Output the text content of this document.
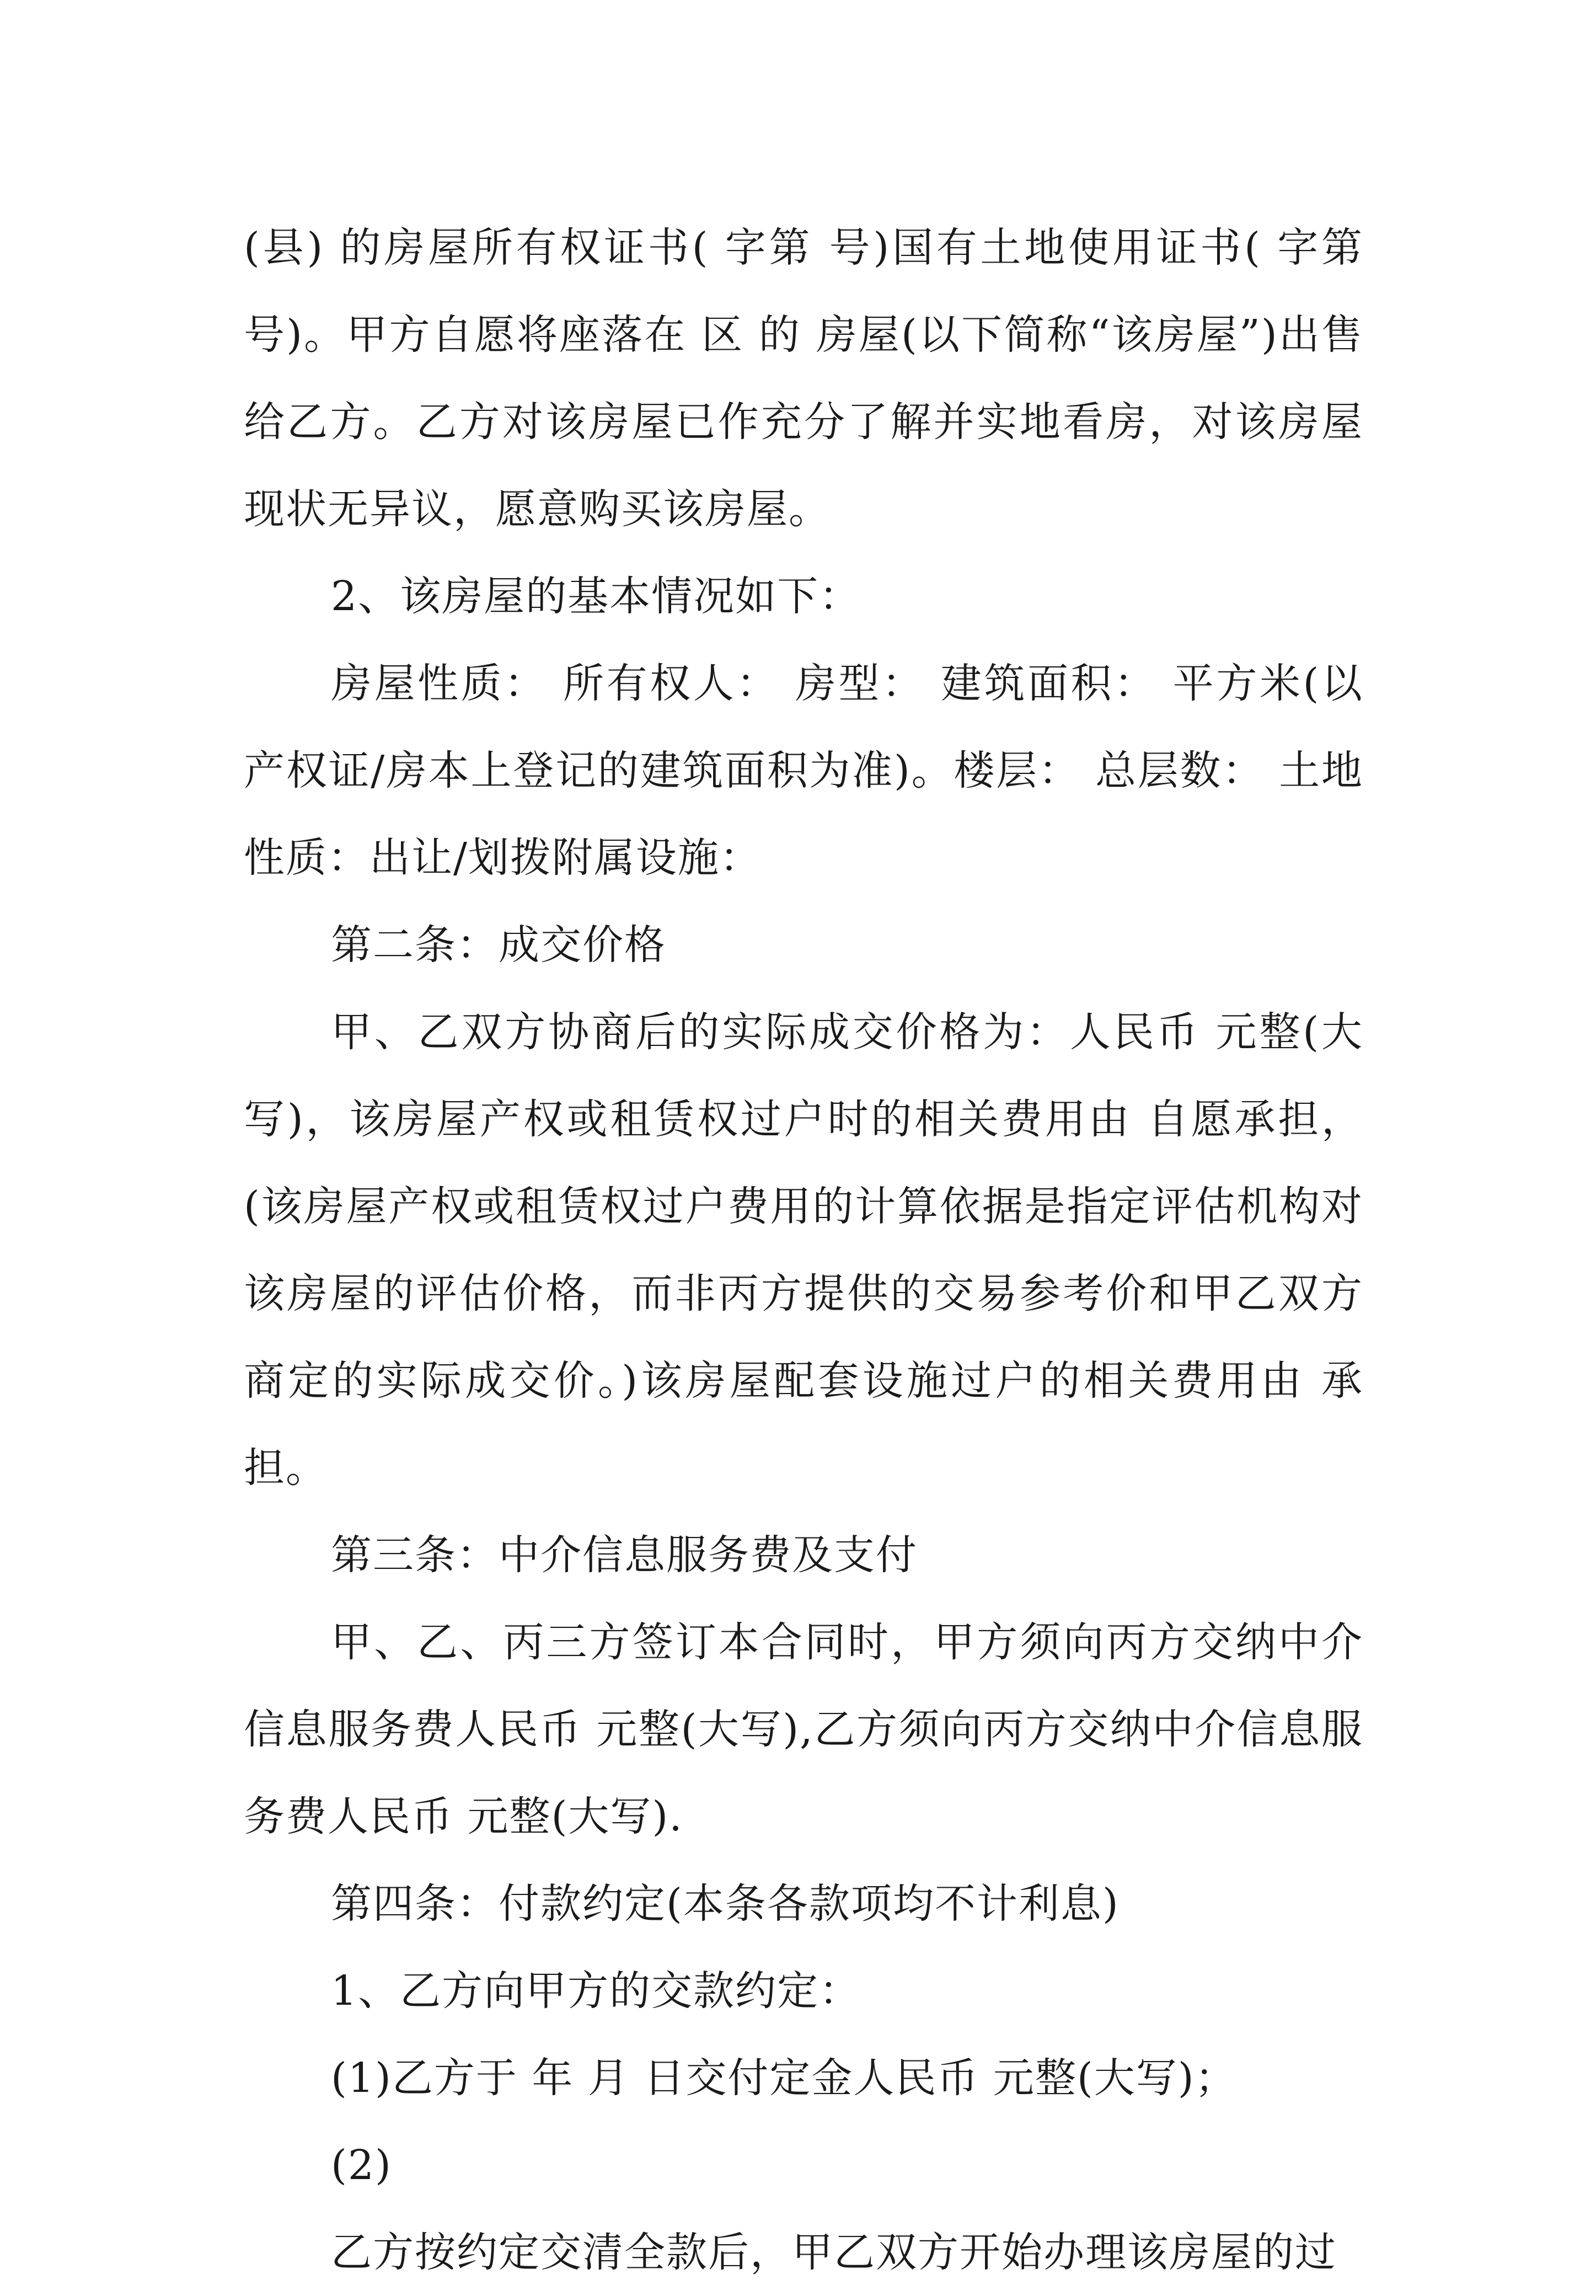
(县) 的房屋所有权证书( 字第 号)国有土地使用证书( 字第 号)。甲方自愿将座落在 区 的 房屋(以下简称“该房屋”)出售给乙方。乙方对该房屋已作充分了解并实地看房，对该房屋现状无异议，愿意购买该房屋。

2、该房屋的基本情况如下：

房屋性质： 所有权人： 房型： 建筑面积： 平方米(以产权证/房本上登记的建筑面积为准)。楼层： 总层数： 土地性质：出让/划拨附属设施：

第二条：成交价格

甲、乙双方协商后的实际成交价格为：人民币 元整(大写)，该房屋产权或租赁权过户时的相关费用由 自愿承担，(该房屋产权或租赁权过户费用的计算依据是指定评估机构对该房屋的评估价格，而非丙方提供的交易参考价和甲乙双方商定的实际成交价。)该房屋配套设施过户的相关费用由 承担。

第三条：中介信息服务费及支付

甲、乙、丙三方签订本合同时，甲方须向丙方交纳中介信息服务费人民币 元整(大写),乙方须向丙方交纳中介信息服务费人民币 元整(大写).

第四条：付款约定(本条各款项均不计利息)

1、乙方向甲方的交款约定：

(1)乙方于 年 月 日交付定金人民币 元整(大写)；

(2)

乙方按约定交清全款后，甲乙双方开始办理该房屋的过
